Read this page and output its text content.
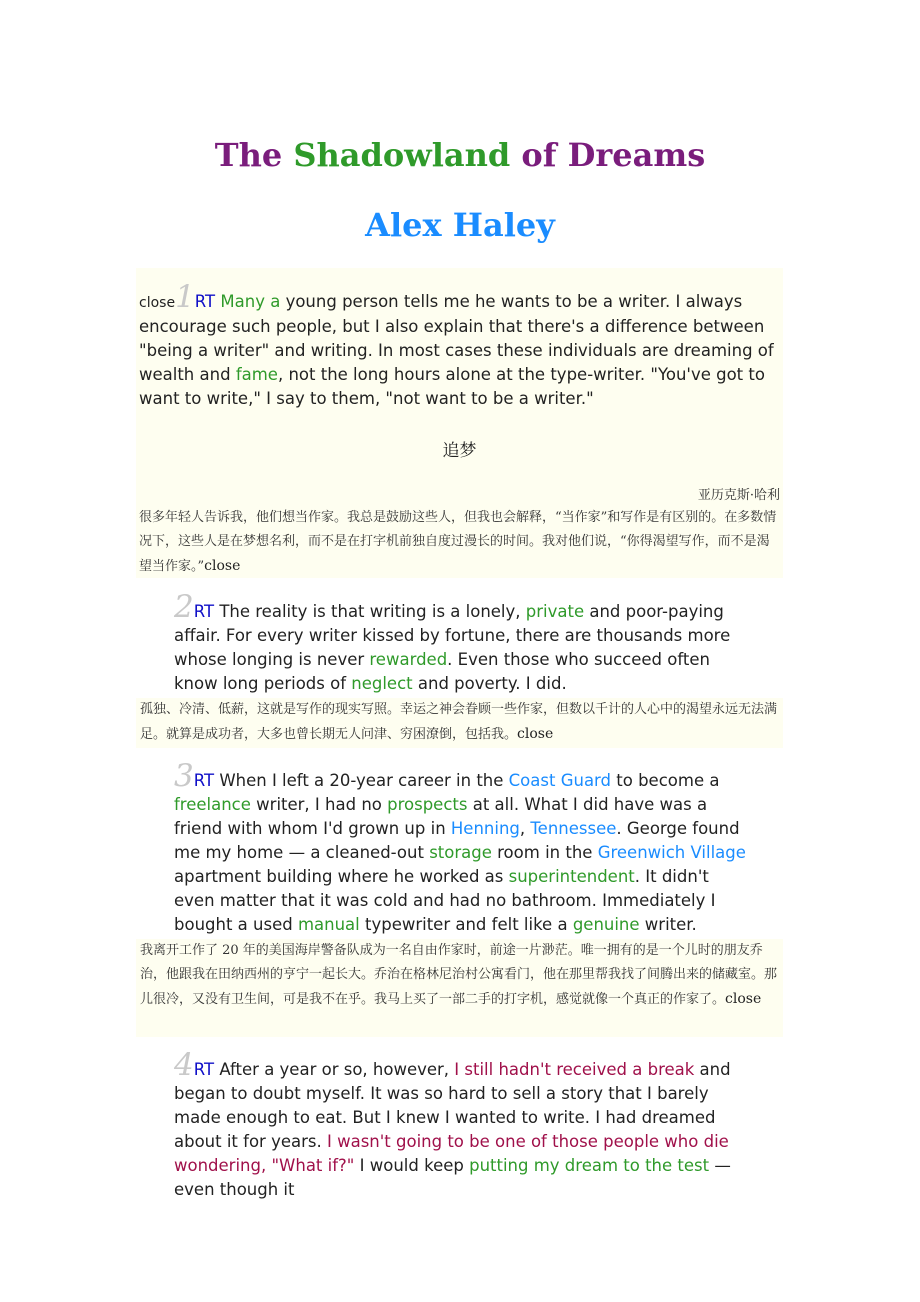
The Shadowland of Dreams
Alex Haley
close1RT Many a young person tells me he wants to be a writer. I always encourage such people, but I also explain that there's a difference between "being a writer" and writing. In most cases these individuals are dreaming of wealth and fame, not the long hours alone at the type-writer. "You've got to want to write," I say to them, "not want to be a writer."
追梦
亚历克斯·哈利
很多年轻人告诉我，他们想当作家。我总是鼓励这些人，但我也会解释，“当作家”和写作是有区别的。在多数情况下，这些人是在梦想名利，而不是在打字机前独自度过漫长的时间。我对他们说，“你得渴望写作，而不是渴望当作家。”close
2RT The reality is that writing is a lonely, private and poor-paying affair. For every writer kissed by fortune, there are thousands more whose longing is never rewarded. Even those who succeed often know long periods of neglect and poverty. I did.
孤独、冷清、低薪，这就是写作的现实写照。幸运之神会眷顾一些作家，但数以千计的人心中的渴望永远无法满足。就算是成功者，大多也曾长期无人问津、穷困潦倒，包括我。close
3RT When I left a 20-year career in the Coast Guard to become a freelance writer, I had no prospects at all. What I did have was a friend with whom I'd grown up in Henning, Tennessee. George found me my home — a cleaned-out storage room in the Greenwich Village apartment building where he worked as superintendent. It didn't even matter that it was cold and had no bathroom. Immediately I bought a used manual typewriter and felt like a genuine writer.
我离开工作了 20 年的美国海岸警备队成为一名自由作家时，前途一片渺茫。唯一拥有的是一个儿时的朋友乔治，他跟我在田纳西州的亨宁一起长大。乔治在格林尼治村公寓看门，他在那里帮我找了间腾出来的储藏室。那儿很冷，又没有卫生间，可是我不在乎。我马上买了一部二手的打字机，感觉就像一个真正的作家了。close
4RT After a year or so, however, I still hadn't received a break and began to doubt myself. It was so hard to sell a story that I barely made enough to eat. But I knew I wanted to write. I had dreamed about it for years. I wasn't going to be one of those people who die wondering, "What if?" I would keep putting my dream to the test — even though it
